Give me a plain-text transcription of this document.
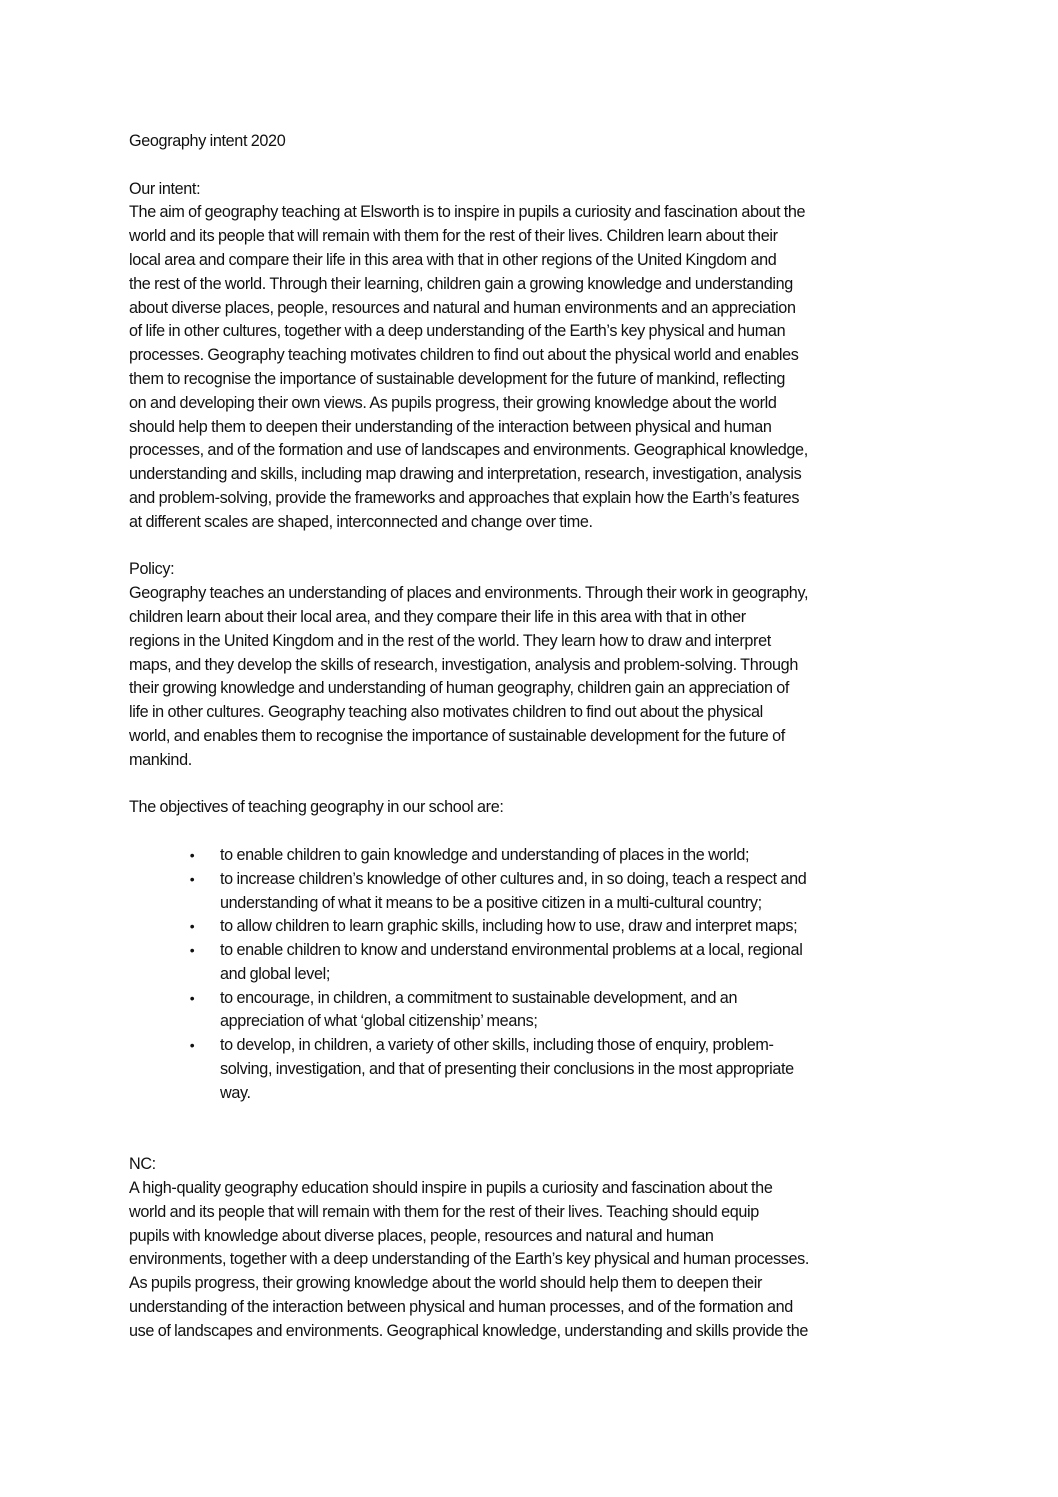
Geography intent 2020
Our intent:
The aim of geography teaching at Elsworth is to inspire in pupils a curiosity and fascination about the
world and its people that will remain with them for the rest of their lives. Children learn about their
local area and compare their life in this area with that in other regions of the United Kingdom and
the rest of the world. Through their learning, children gain a growing knowledge and understanding
about diverse places, people, resources and natural and human environments and an appreciation
of life in other cultures, together with a deep understanding of the Earth’s key physical and human
processes. Geography teaching motivates children to find out about the physical world and enables
them to recognise the importance of sustainable development for the future of mankind, reflecting
on and developing their own views. As pupils progress, their growing knowledge about the world
should help them to deepen their understanding of the interaction between physical and human
processes, and of the formation and use of landscapes and environments. Geographical knowledge,
understanding and skills, including map drawing and interpretation, research, investigation, analysis
and problem-solving, provide the frameworks and approaches that explain how the Earth’s features
at different scales are shaped, interconnected and change over time.
Policy:
Geography teaches an understanding of places and environments. Through their work in geography,
children learn about their local area, and they compare their life in this area with that in other
regions in the United Kingdom and in the rest of the world. They learn how to draw and interpret
maps, and they develop the skills of research, investigation, analysis and problem-solving. Through
their growing knowledge and understanding of human geography, children gain an appreciation of
life in other cultures. Geography teaching also motivates children to find out about the physical
world, and enables them to recognise the importance of sustainable development for the future of
mankind.
The objectives of teaching geography in our school are:
• to enable children to gain knowledge and understanding of places in the world;
• to increase children’s knowledge of other cultures and, in so doing, teach a respect and
understanding of what it means to be a positive citizen in a multi-cultural country;
• to allow children to learn graphic skills, including how to use, draw and interpret maps;
• to enable children to know and understand environmental problems at a local, regional
and global level;
• to encourage, in children, a commitment to sustainable development, and an
appreciation of what ‘global citizenship’ means;
• to develop, in children, a variety of other skills, including those of enquiry, problem-
solving, investigation, and that of presenting their conclusions in the most appropriate
way.
NC:
A high-quality geography education should inspire in pupils a curiosity and fascination about the
world and its people that will remain with them for the rest of their lives. Teaching should equip
pupils with knowledge about diverse places, people, resources and natural and human
environments, together with a deep understanding of the Earth’s key physical and human processes.
As pupils progress, their growing knowledge about the world should help them to deepen their
understanding of the interaction between physical and human processes, and of the formation and
use of landscapes and environments. Geographical knowledge, understanding and skills provide the
